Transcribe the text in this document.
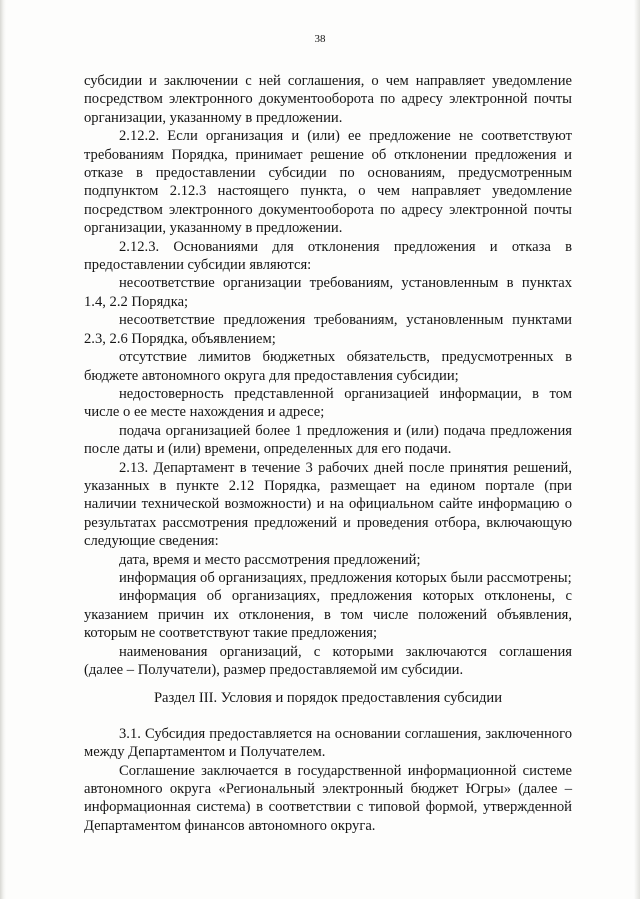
38

субсидии и заключении с ней соглашения, о чем направляет уведомление посредством электронного документооборота по адресу электронной почты организации, указанному в предложении.

2.12.2. Если организация и (или) ее предложение не соответствуют требованиям Порядка, принимает решение об отклонении предложения и отказе в предоставлении субсидии по основаниям, предусмотренным подпунктом 2.12.3 настоящего пункта, о чем направляет уведомление посредством электронного документооборота по адресу электронной почты организации, указанному в предложении.

2.12.3. Основаниями для отклонения предложения и отказа в предоставлении субсидии являются:

несоответствие организации требованиям, установленным в пунктах 1.4, 2.2 Порядка;

несоответствие предложения требованиям, установленным пунктами 2.3, 2.6 Порядка, объявлением;

отсутствие лимитов бюджетных обязательств, предусмотренных в бюджете автономного округа для предоставления субсидии;

недостоверность представленной организацией информации, в том числе о ее месте нахождения и адресе;

подача организацией более 1 предложения и (или) подача предложения после даты и (или) времени, определенных для его подачи.

2.13. Департамент в течение 3 рабочих дней после принятия решений, указанных в пункте 2.12 Порядка, размещает на едином портале (при наличии технической возможности) и на официальном сайте информацию о результатах рассмотрения предложений и проведения отбора, включающую следующие сведения:

дата, время и место рассмотрения предложений;

информация об организациях, предложения которых были рассмотрены;

информация об организациях, предложения которых отклонены, с указанием причин их отклонения, в том числе положений объявления, которым не соответствуют такие предложения;

наименования организаций, с которыми заключаются соглашения (далее – Получатели), размер предоставляемой им субсидии.

Раздел III. Условия и порядок предоставления субсидии

3.1. Субсидия предоставляется на основании соглашения, заключенного между Департаментом и Получателем.

Соглашение заключается в государственной информационной системе автономного округа «Региональный электронный бюджет Югры» (далее – информационная система) в соответствии с типовой формой, утвержденной Департаментом финансов автономного округа.
